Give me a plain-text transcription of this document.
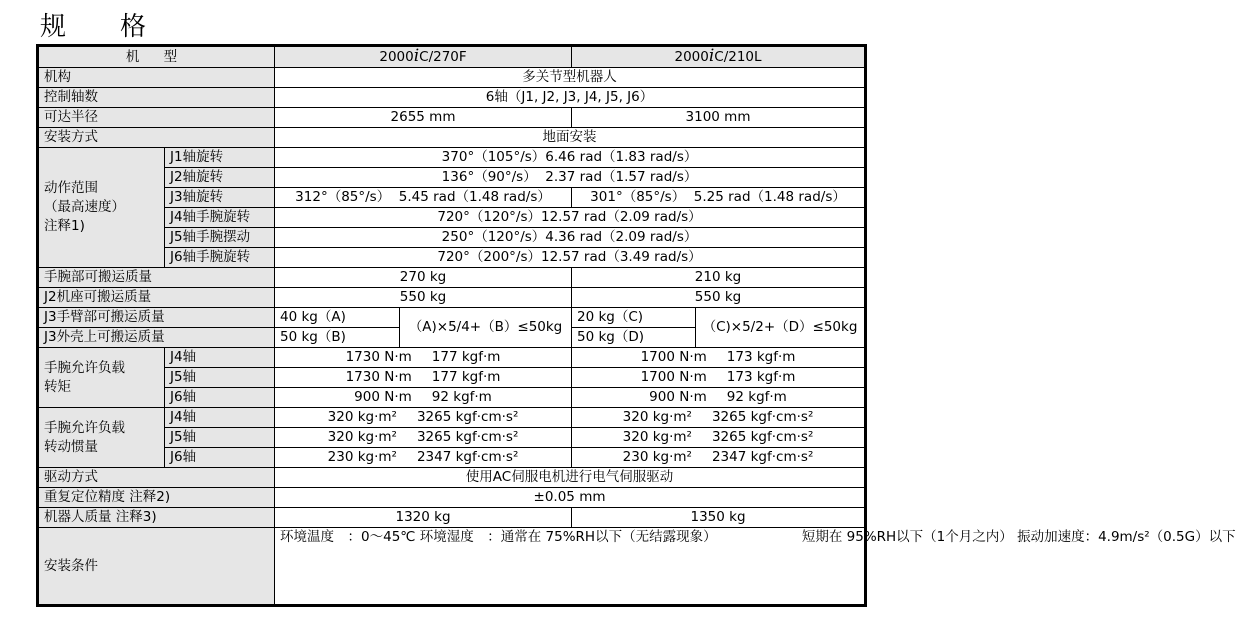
规　格
机 型		2000iC/270F		2000iC/210L	
机构		多关节型机器人			
控制轴数		6轴（J1, J2, J3, J4, J5, J6）			
可达半径		2655 mm		3100 mm	
安装方式		地面安装			
动作范围
（最高速度）
注释1)	J1轴旋转	370°（105°/s）6.46 rad（1.83 rad/s）			
	J2轴旋转	136°（90°/s）  2.37 rad（1.57 rad/s）			
	J3轴旋转	312°（85°/s）  5.45 rad（1.48 rad/s）		301°（85°/s）  5.25 rad（1.48 rad/s）	
	J4轴手腕旋转	720°（120°/s）12.57 rad（2.09 rad/s）			
	J5轴手腕摆动	250°（120°/s）4.36 rad（2.09 rad/s）			
	J6轴手腕旋转	720°（200°/s）12.57 rad（3.49 rad/s）			
手腕部可搬运质量		270 kg		210 kg	
J2机座可搬运质量		550 kg		550 kg	
J3手臂部可搬运质量		40 kg（A)	（A)×5/4+（B）≤50kg	20 kg（C)	（C)×5/2+（D）≤50kg
J3外壳上可搬运质量		50 kg（B)		50 kg（D)	
手腕允许负载
转矩	J4轴	1730 N·m 177 kgf·m		1700 N·m 173 kgf·m	
	J5轴	1730 N·m 177 kgf·m		1700 N·m 173 kgf·m	
	J6轴	900 N·m 92 kgf·m		900 N·m 92 kgf·m	
手腕允许负载
转动惯量	J4轴	320 kg·m² 3265 kgf·cm·s²		320 kg·m² 3265 kgf·cm·s²	
	J5轴	320 kg·m² 3265 kgf·cm·s²		320 kg·m² 3265 kgf·cm·s²	
	J6轴	230 kg·m² 2347 kgf·cm·s²		230 kg·m² 2347 kgf·cm·s²	
驱动方式		使用AC伺服电机进行电气伺服驱动			
重复定位精度 注释2)		±0.05 mm			
机器人质量 注释3)		1320 kg		1350 kg	
安装条件		环境温度　：0～45℃ 环境湿度　：通常在 75%RH以下（无结露现象） 　　　　　　短期在 95%RH以下（1个月之内） 振动加速度：4.9m/s²（0.5G）以下			
